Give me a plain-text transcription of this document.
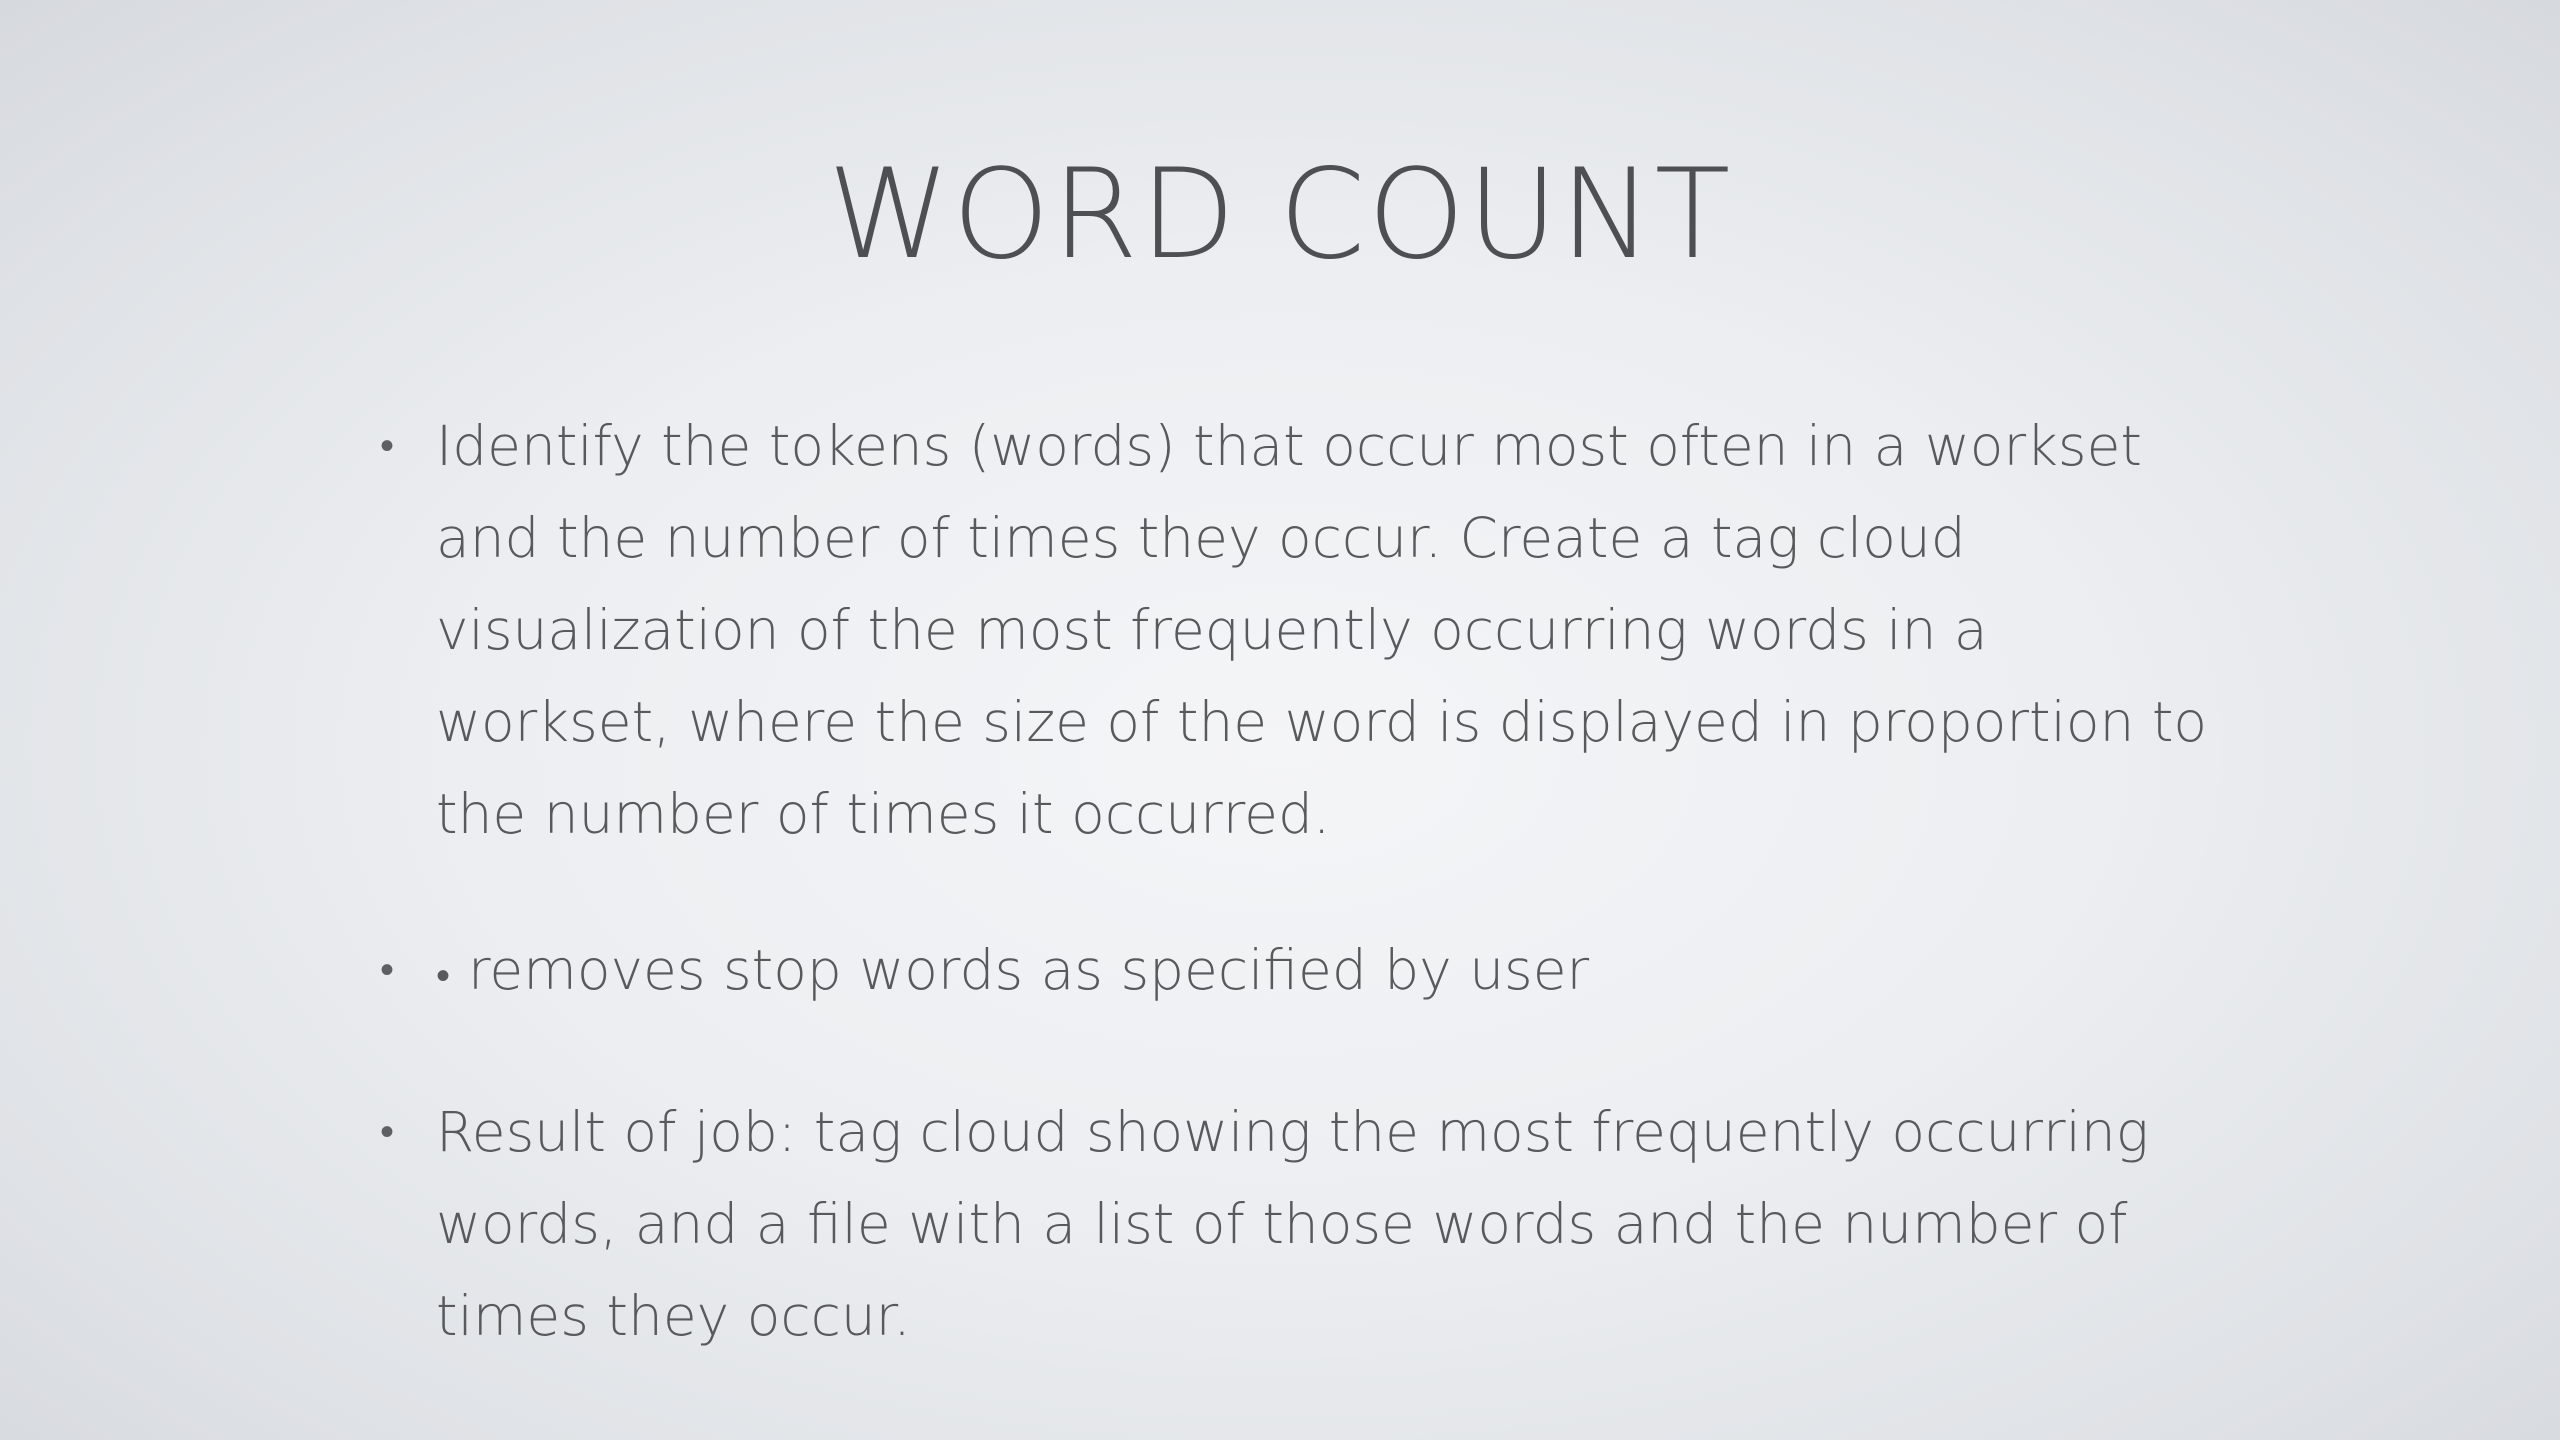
WORD COUNT
• Identify the tokens (words) that occur most often in a workset and the number of times they occur. Create a tag cloud visualization of the most frequently occurring words in a workset, where the size of the word is displayed in proportion to the number of times it occurred.
• • removes stop words as specified by user
• Result of job: tag cloud showing the most frequently occurring words, and a file with a list of those words and the number of times they occur.
